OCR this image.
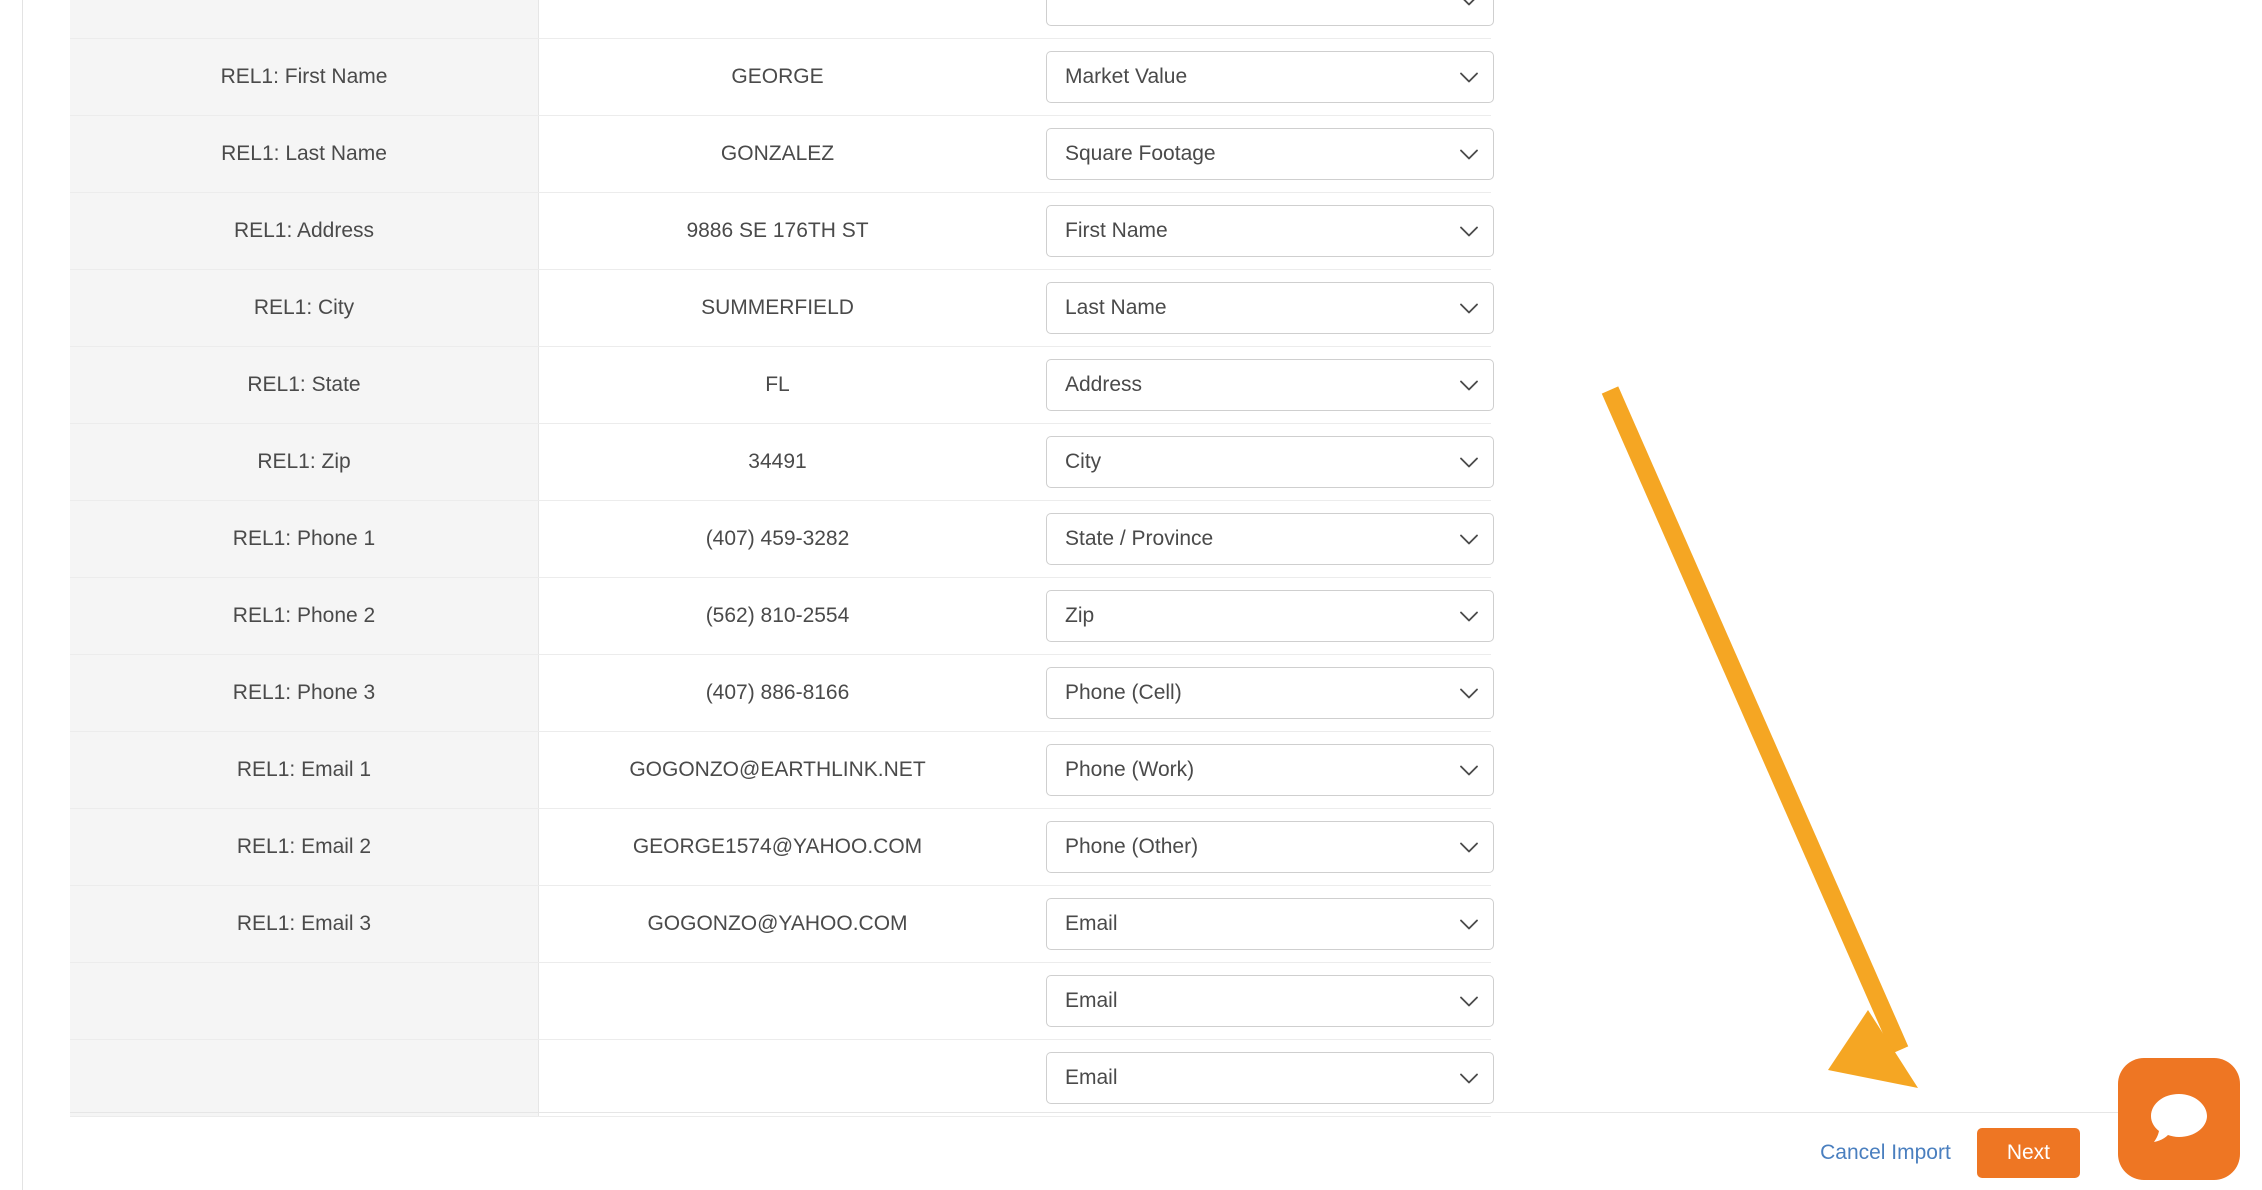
REL1: First Name	GEORGE	Market Value

REL1: Last Name	GONZALEZ	Square Footage

REL1: Address	9886 SE 176TH ST	First Name

REL1: City	SUMMERFIELD	Last Name

REL1: State	FL	Address

REL1: Zip	34491	City

REL1: Phone 1	(407) 459-3282	State / Province

REL1: Phone 2	(562) 810-2554	Zip

REL1: Phone 3	(407) 886-8166	Phone (Cell)

REL1: Email 1	GOGONZO@EARTHLINK.NET	Phone (Work)

REL1: Email 2	GEORGE1574@YAHOO.COM	Phone (Other)

REL1: Email 3	GOGONZO@YAHOO.COM	Email

		Email

		Email
Cancel Import	Next
